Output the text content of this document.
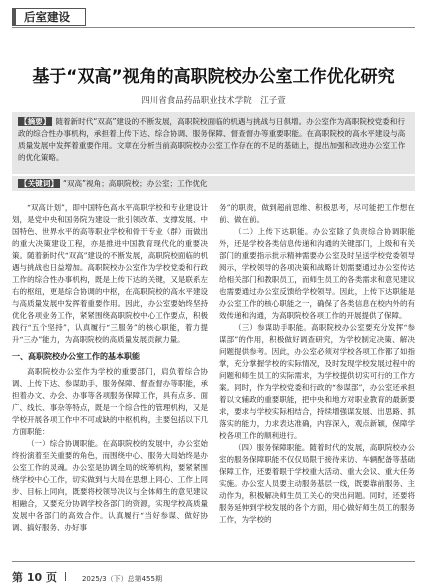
后室建设
基于“双高”视角的高职院校办公室工作优化研究
四川省食品药品职业技术学院　江子萱
【摘要】 随着新时代“双高”建设的不断发展，高职院校面临的机遇与挑战与日俱增。办公室作为高职院校党委和行政的综合性办事机构，承担着上传下达、综合协调、服务保障、督查督办等重要职能。在高职院校的高水平建设与高质量发展中发挥着重要作用。文章在分析当前高职院校办公室工作存在的不足的基础上，提出加强和改进办公室工作的优化策略。
【关键词】 “双高”视角；高职院校；办公室；工作优化

“双高计划”，即中国特色高水平高职学校和专业建设计划，是党中央和国务院为建设一批引领改革、支撑发展、中国特色、世界水平的高等职业学校和骨干专业（群）而做出的重大决策建设工程，亦是推进中国教育现代化的重要决策。随着新时代“双高”建设的不断发展，高职院校面临的机遇与挑战也日益增加。高职院校办公室作为学校党委和行政工作的综合性办事机构，既是上传下达的关键，又是联系左右的枢纽，更是综合协调的中枢，在高职院校的高水平建设与高质量发展中发挥着重要作用。因此，办公室要始终坚持优化各项业务工作，紧紧围绕高职院校中心工作要点，积极践行“五个坚持”，认真履行“三服务”的核心职能，着力提升“三办”能力，为高职院校的高质量发展贡献力量。

一、高职院校办公室工作的基本职能

高职院校办公室作为学校的重要部门，肩负着综合协调、上传下达、参谋助手、服务保障、督查督办等职能，承担着办文、办会、办事等各项服务保障工作，具有点多、面广、线长、事杂等特点，既是一个综合性的管理机构，又是学校开展各项工作中不可或缺的中枢机构，主要包括以下几方面职能：

（一）综合协调职能。在高职院校的发展中，办公室始终扮演着至关重要的角色，而围绕中心、服务大局始终是办公室工作的灵魂。办公室是协调全局的统筹机构，要紧紧围绕学校中心工作，切实做到与大局在思想上同心、工作上同步、目标上同向，既要将校领导决议与全体师生的意见建议相融合，又要充分协调学校各部门的资源，实现学校高质量发展中各部门的高效合作。认真履行“当好参谋、做好协调、搞好服务、办好事

务”的职责，做到超前思维、积极思考，尽可能把工作想在前、做在前。

（二）上传下达职能。办公室除了负责综合协调职能外，还是学校各类信息传递和沟通的关键部门，上级和有关部门的重要指示批示精神需要办公室及时呈送学校党委领导阅示，学校领导的各项决策和战略计划需要通过办公室传达给相关部门和教职员工，而师生员工的各类需求和意见建议也需要通过办公室反馈给学校领导。因此，上传下达职能是办公室工作的核心职能之一，确保了各类信息在校内外的有效传递和沟通，为高职院校各项工作的开展提供了保障。

（三）参谋助手职能。高职院校办公室要充分发挥“参谋部”的作用，积极做好调查研究，为学校制定决策、解决问题提供参考。因此，办公室必须对学校各项工作都了如指掌，充分掌握学校的实际情况，及时发现学校发展过程中的问题和师生员工的实际需求，为学校提供切实可行的工作方案。同时，作为学校党委和行政的“参谋部”，办公室还承担着以文辅政的重要职能，把中央和地方对职业教育的最新要求，要求与学校实际相结合，持续增强谋发展、出思路、抓落实的能力，力求表达准确，内容深入，观点新颖，保障学校各项工作的顺利进行。

（四）服务保障职能。随着时代的发展，高职院校办公室的服务保障职能不仅仅局限于接待来访、车辆配备等基础保障工作，还要着眼于学校重大活动、重大会议、重大任务实施。办公室人员要主动服务基层一线，既要靠前服务、主动作为，积极解决师生员工关心的突出问题。同时，还要将服务延伸到学校发展的各个方面，用心做好师生员工的服务工作，为学校的

第 10 页	2025/3（下）总第455期
